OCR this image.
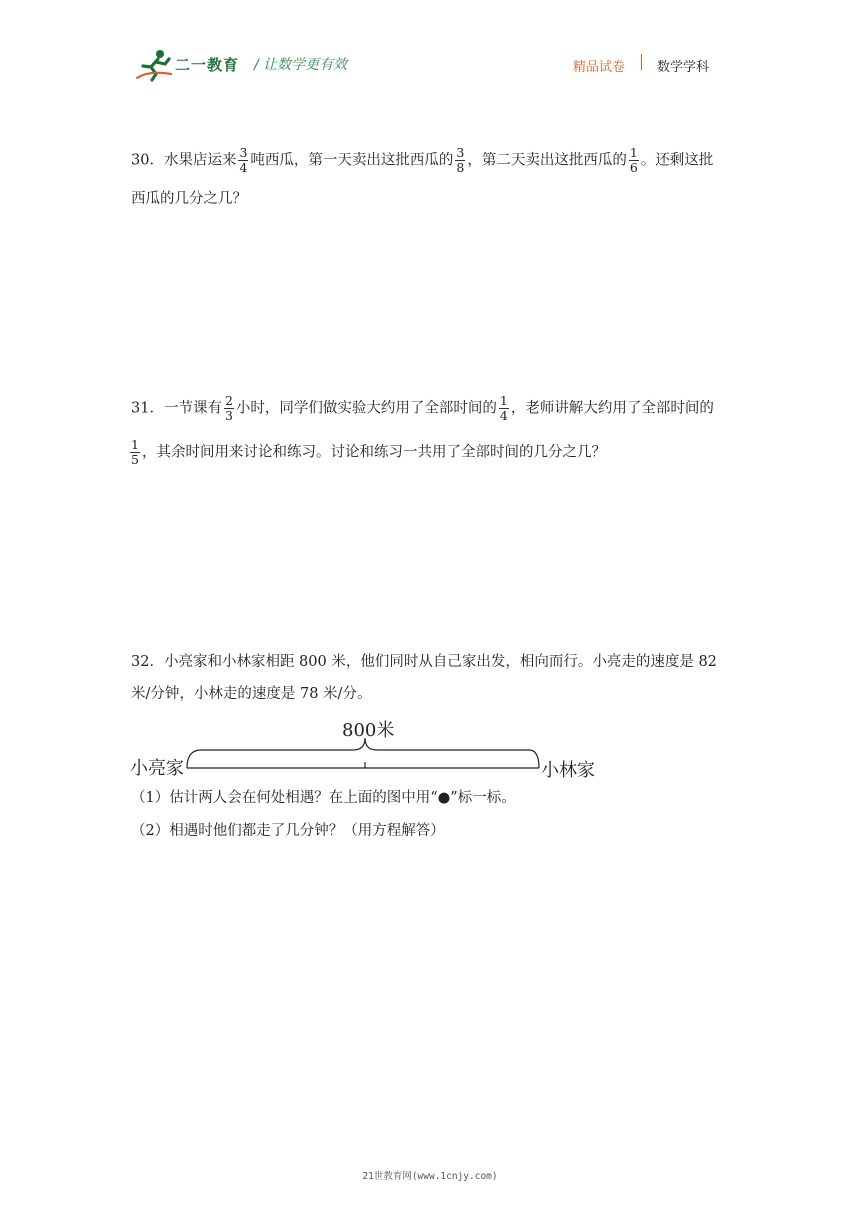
二一教育 / 让数学更有效	精品试卷 数学学科
30．水果店运来 $\frac{3}{4}$ 吨西瓜，第一天卖出这批西瓜的 $\frac{3}{8}$ ，第二天卖出这批西瓜的 $\frac{1}{6}$ 。还剩这批
西瓜的几分之几？
31．一节课有 $\frac{2}{3}$ 小时，同学们做实验大约用了全部时间的 $\frac{1}{4}$ ，老师讲解大约用了全部时间的
$\frac{1}{5}$ ，其余时间用来讨论和练习。讨论和练习一共用了全部时间的几分之几？
32．小亮家和小林家相距 800 米，他们同时从自己家出发，相向而行。小亮走的速度是 82
米/分钟，小林走的速度是 78 米/分。
800米
小亮家	小林家
（1）估计两人会在何处相遇？在上面的图中用“●”标一标。
（2）相遇时他们都走了几分钟？（用方程解答）
21世教育网(www.1cnjy.com)
